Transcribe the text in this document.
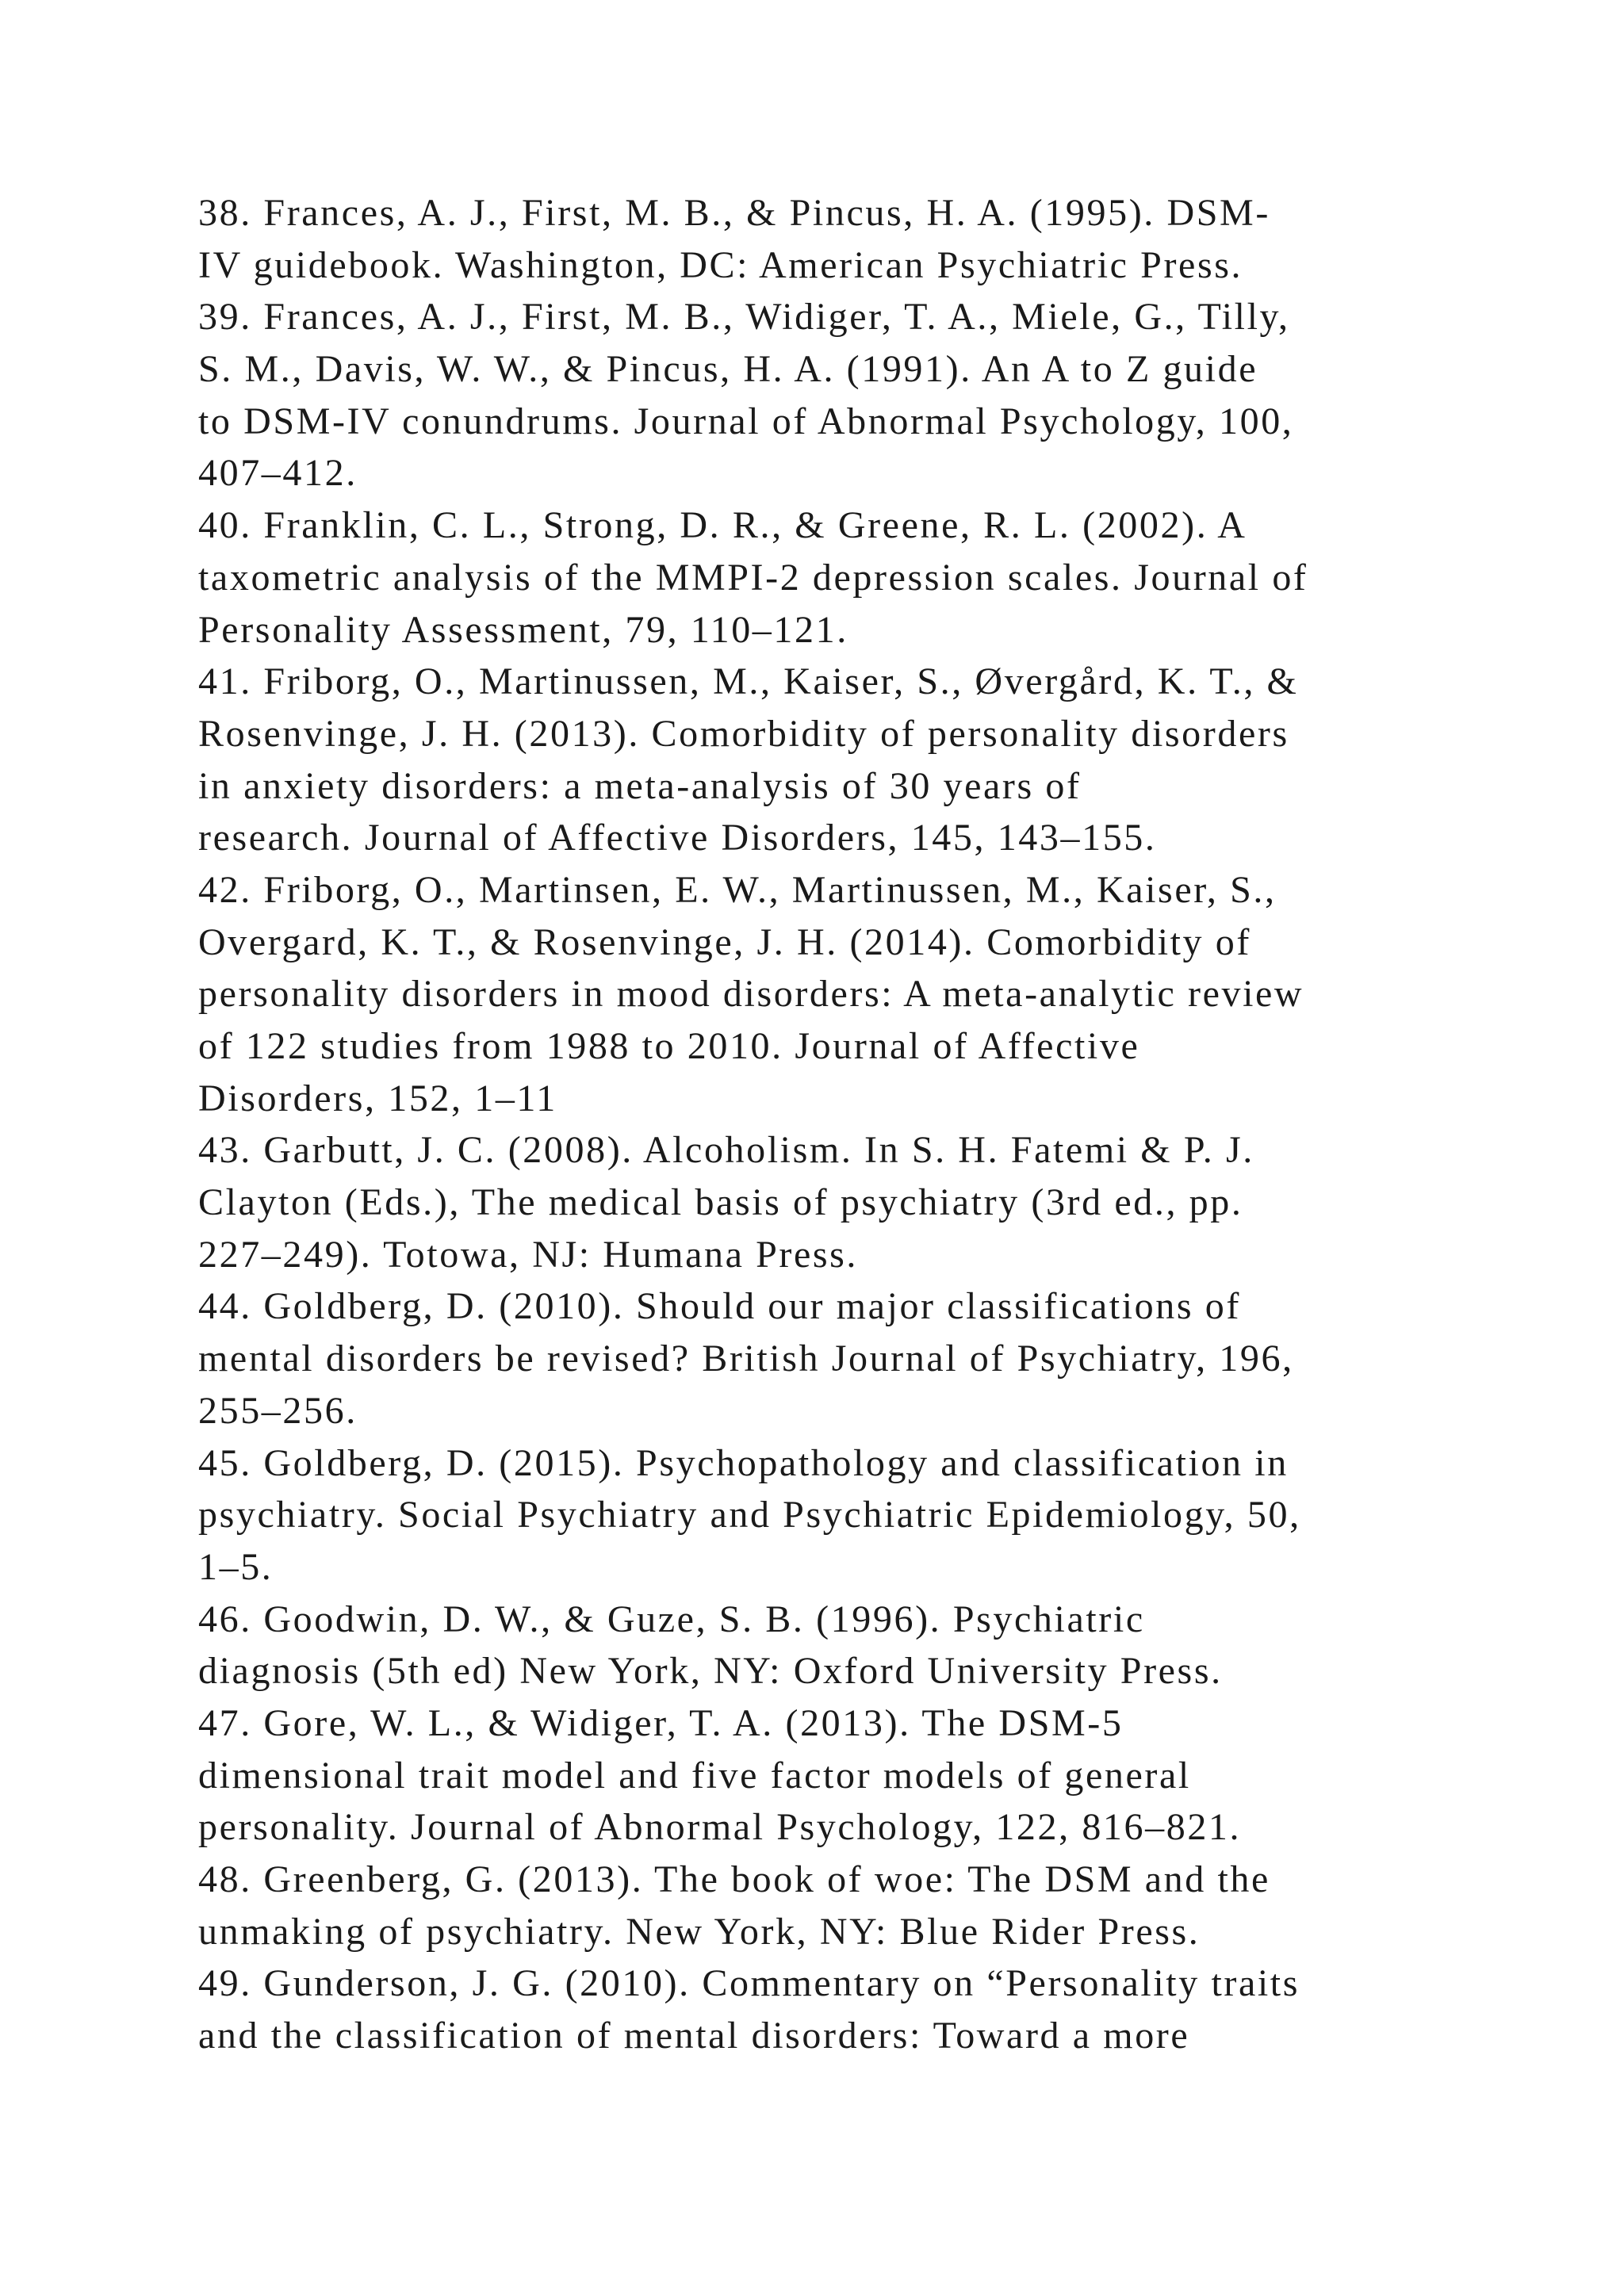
38. Frances, A. J., First, M. B., & Pincus, H. A. (1995). DSM-
IV guidebook. Washington, DC: American Psychiatric Press.
39. Frances, A. J., First, M. B., Widiger, T. A., Miele, G., Tilly,
S. M., Davis, W. W., & Pincus, H. A. (1991). An A to Z guide
to DSM-IV conundrums. Journal of Abnormal Psychology, 100,
407–412.
40. Franklin, C. L., Strong, D. R., & Greene, R. L. (2002). A
taxometric analysis of the MMPI-2 depression scales. Journal of
Personality Assessment, 79, 110–121.
41. Friborg, O., Martinussen, M., Kaiser, S., Øvergård, K. T., &
Rosenvinge, J. H. (2013). Comorbidity of personality disorders
in anxiety disorders: a meta-analysis of 30 years of
research. Journal of Affective Disorders, 145, 143–155.
42. Friborg, O., Martinsen, E. W., Martinussen, M., Kaiser, S.,
Overgard, K. T., & Rosenvinge, J. H. (2014). Comorbidity of
personality disorders in mood disorders: A meta-analytic review
of 122 studies from 1988 to 2010. Journal of Affective
Disorders, 152, 1–11
43. Garbutt, J. C. (2008). Alcoholism. In S. H. Fatemi & P. J.
Clayton (Eds.), The medical basis of psychiatry (3rd ed., pp.
227–249). Totowa, NJ: Humana Press.
44. Goldberg, D. (2010). Should our major classifications of
mental disorders be revised? British Journal of Psychiatry, 196,
255–256.
45. Goldberg, D. (2015). Psychopathology and classification in
psychiatry. Social Psychiatry and Psychiatric Epidemiology, 50,
1–5.
46. Goodwin, D. W., & Guze, S. B. (1996). Psychiatric
diagnosis (5th ed) New York, NY: Oxford University Press.
47. Gore, W. L., & Widiger, T. A. (2013). The DSM-5
dimensional trait model and five factor models of general
personality. Journal of Abnormal Psychology, 122, 816–821.
48. Greenberg, G. (2013). The book of woe: The DSM and the
unmaking of psychiatry. New York, NY: Blue Rider Press.
49. Gunderson, J. G. (2010). Commentary on “Personality traits
and the classification of mental disorders: Toward a more
